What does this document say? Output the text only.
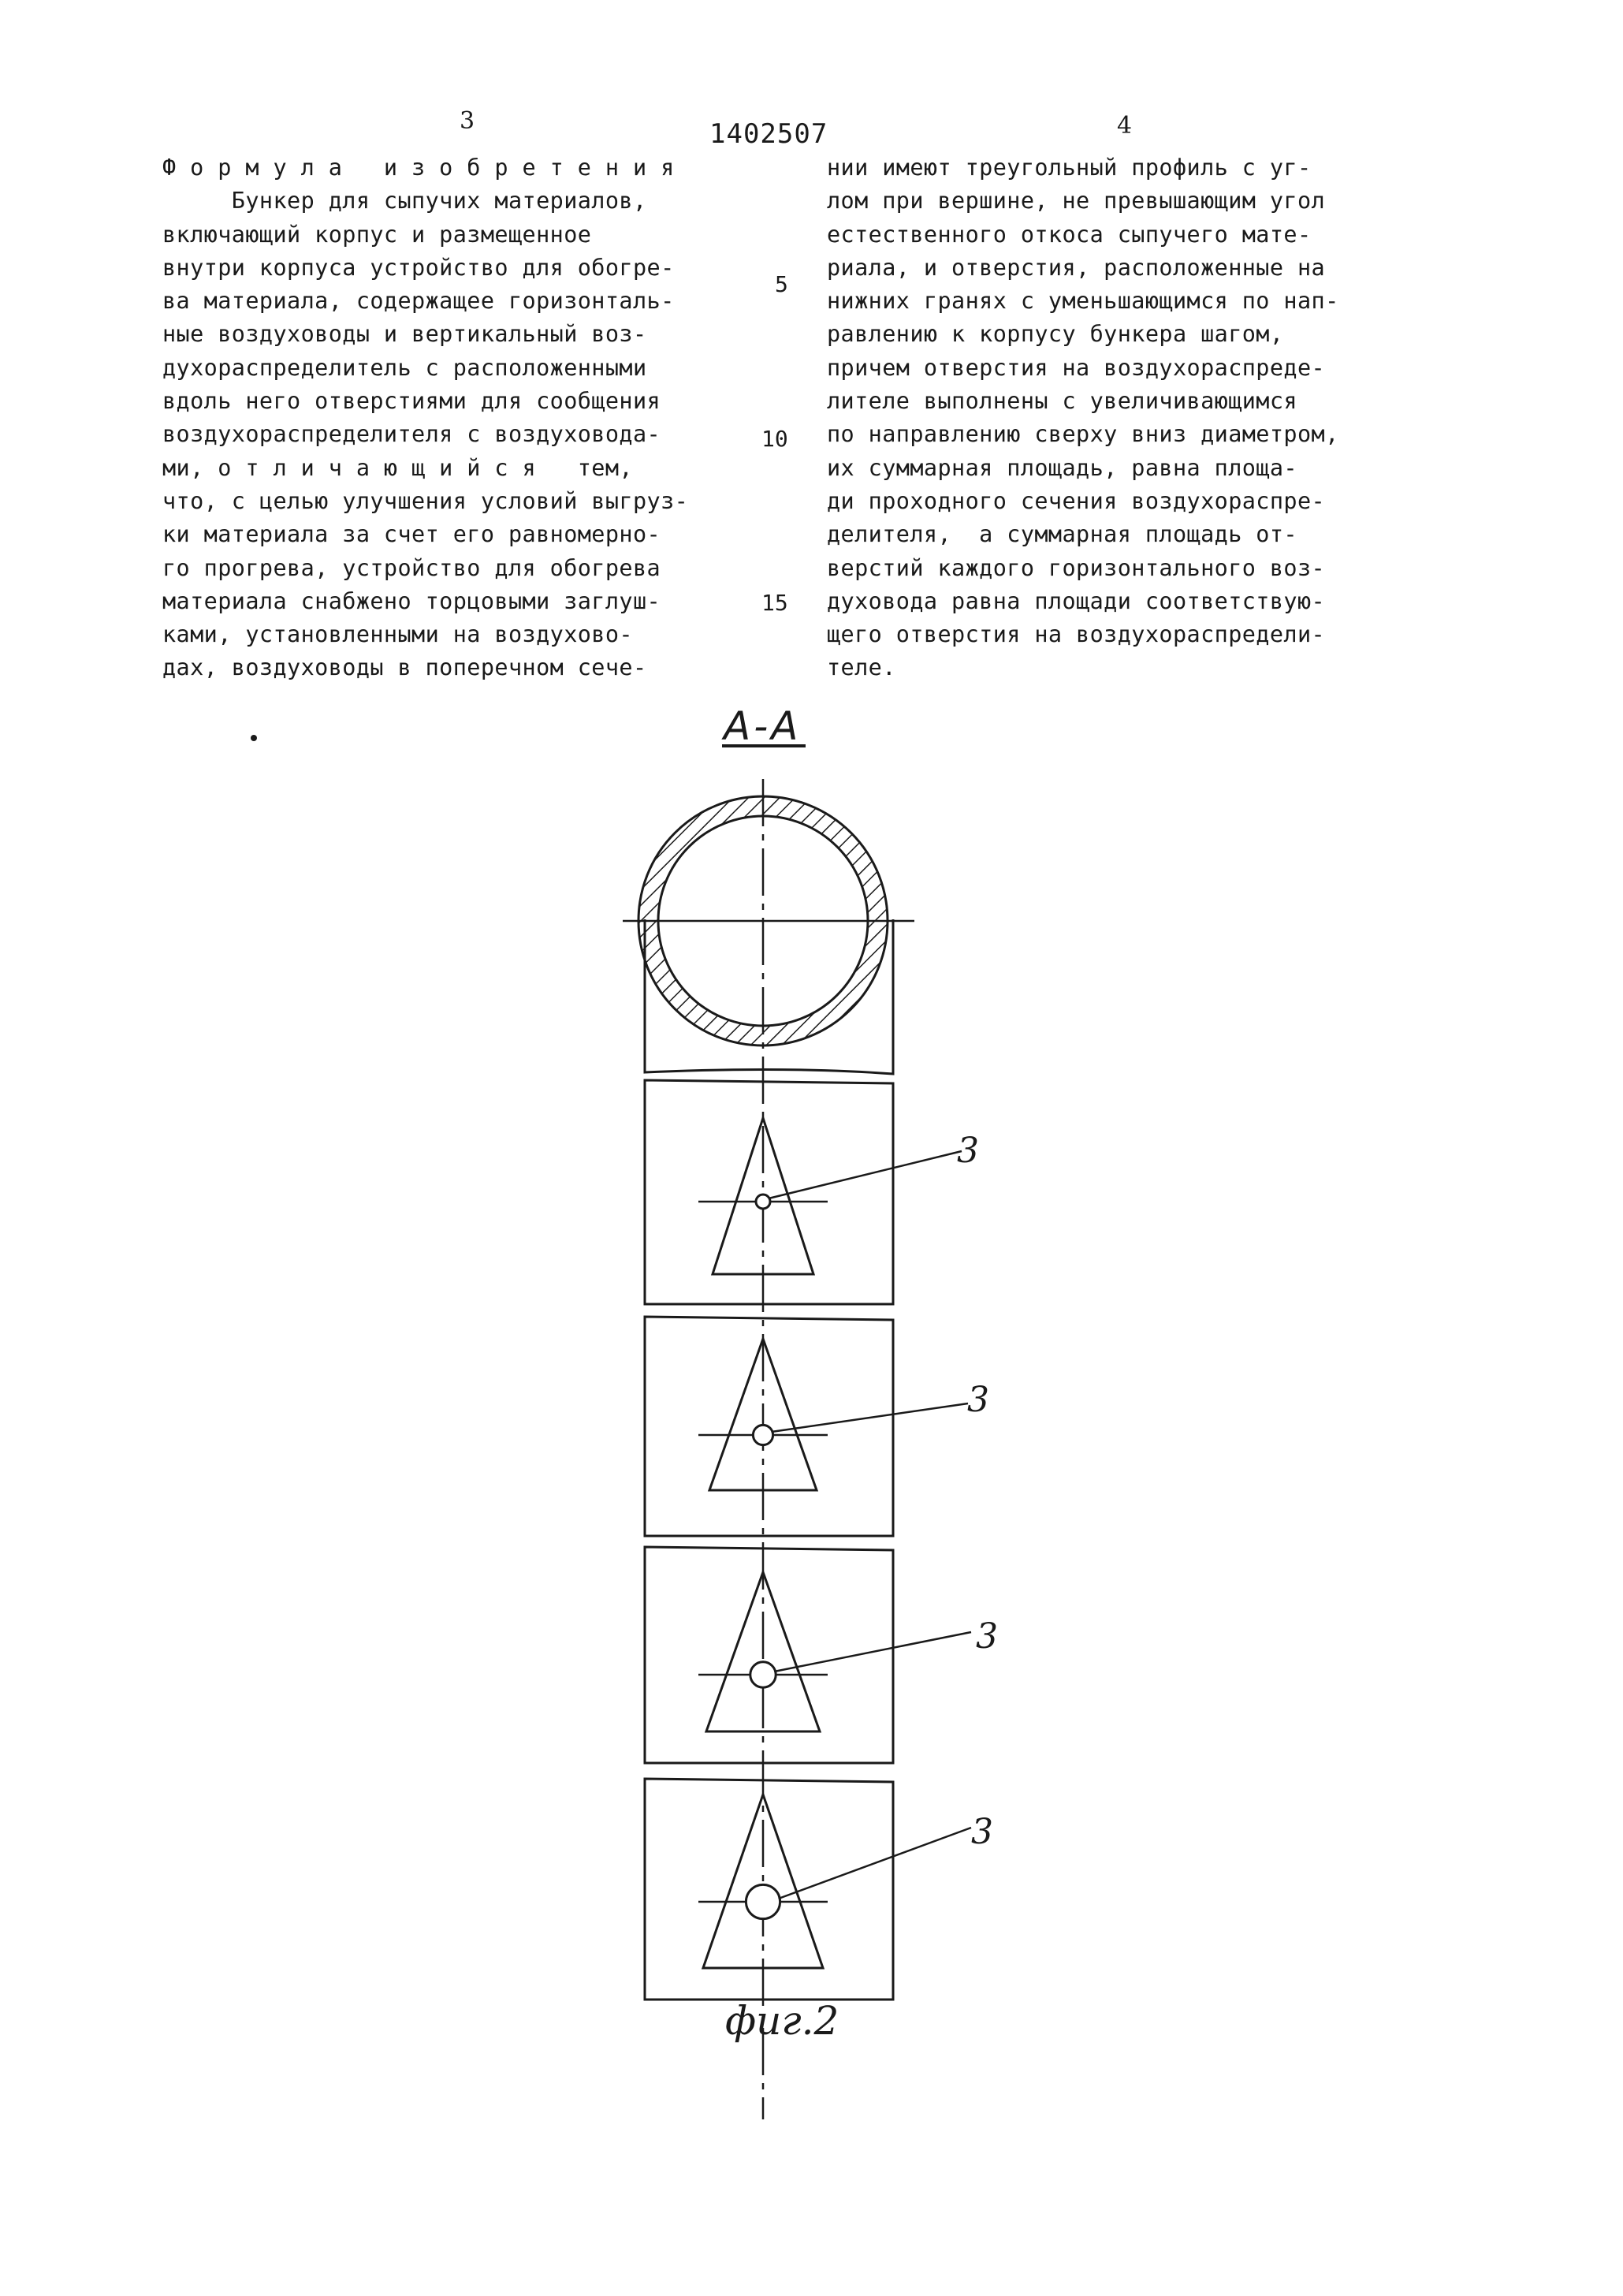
3	1402507	4
Ф о р м у л а   и з о б р е т е н и я
Бункер для сыпучих материалов,
включающий корпус и размещенное
внутри корпуса устройство для обогре-
ва материала, содержащее горизонталь-
ные воздуховоды и вертикальный воз-
духораспределитель с расположенными
вдоль него отверстиями для сообщения
воздухораспределителя с воздуховода-
ми, о т л и ч а ю щ и й с я   тем,
что, с целью улучшения условий выгруз-
ки материала за счет его равномерно-
го прогрева, устройство для обогрева
материала снабжено торцовыми заглуш-
ками, установленными на воздуховo-
дах, воздуховоды в поперечном сече-
5
10
15
нии имеют треугольный профиль с уг-
лом при вершине, не превышающим угол
естественного откоса сыпучего мате-
риала, и отверстия, расположенные на
нижних гранях с уменьшающимся по нап-
равлению к корпусу бункера шагом,
причем отверстия на воздухораспреде-
лителе выполнены с увеличивающимся
по направлению сверху вниз диаметром,
их суммарная площадь, равна площа-
ди проходного сечения воздухораспре-
делителя,  а суммарная площадь от-
верстий каждого горизонтального воз-
духовода равна площади соответствую-
щего отверстия на воздухораспредели-
теле.
3
3
3
3
А-А
фиг.2
